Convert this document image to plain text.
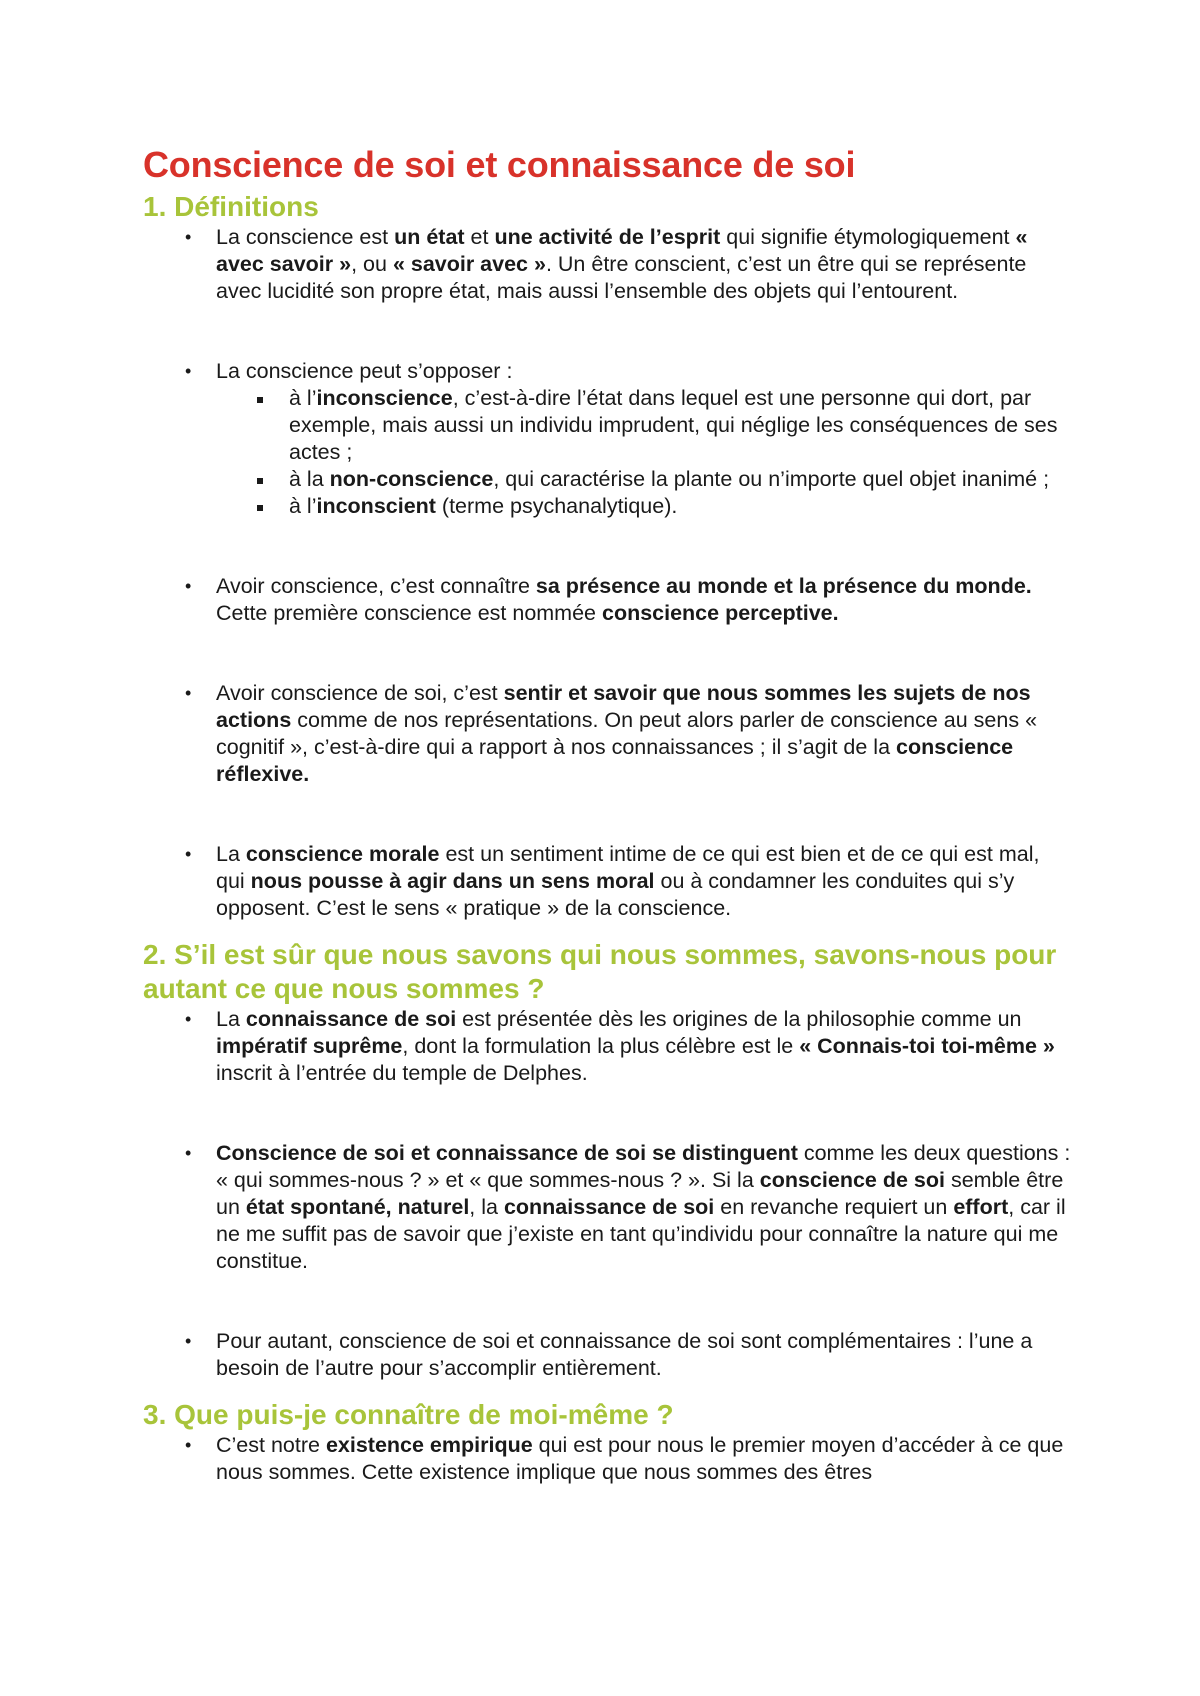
Conscience de soi et connaissance de soi
1. Définitions
• La conscience est un état et une activité de l’esprit qui signifie étymologiquement « avec savoir », ou « savoir avec ». Un être conscient, c’est un être qui se représente avec lucidité son propre état, mais aussi l’ensemble des objets qui l’entourent.
• La conscience peut s’opposer :
à l’inconscience, c’est-à-dire l’état dans lequel est une personne qui dort, par exemple, mais aussi un individu imprudent, qui néglige les conséquences de ses actes ;
à la non-conscience, qui caractérise la plante ou n’importe quel objet inanimé ;
à l’inconscient (terme psychanalytique).
• Avoir conscience, c’est connaître sa présence au monde et la présence du monde. Cette première conscience est nommée conscience perceptive.
• Avoir conscience de soi, c’est sentir et savoir que nous sommes les sujets de nos actions comme de nos représentations. On peut alors parler de conscience au sens « cognitif », c’est-à-dire qui a rapport à nos connaissances ; il s’agit de la conscience réflexive.
• La conscience morale est un sentiment intime de ce qui est bien et de ce qui est mal, qui nous pousse à agir dans un sens moral ou à condamner les conduites qui s’y opposent. C’est le sens « pratique » de la conscience.
2. S’il est sûr que nous savons qui nous sommes, savons-nous pour autant ce que nous sommes ?
• La connaissance de soi est présentée dès les origines de la philosophie comme un impératif suprême, dont la formulation la plus célèbre est le « Connais-toi toi-même » inscrit à l’entrée du temple de Delphes.
• Conscience de soi et connaissance de soi se distinguent comme les deux questions : « qui sommes-nous ? » et « que sommes-nous ? ». Si la conscience de soi semble être un état spontané, naturel, la connaissance de soi en revanche requiert un effort, car il ne me suffit pas de savoir que j’existe en tant qu’individu pour connaître la nature qui me constitue.
• Pour autant, conscience de soi et connaissance de soi sont complémentaires : l’une a besoin de l’autre pour s’accomplir entièrement.
3. Que puis-je connaître de moi-même ?
• C’est notre existence empirique qui est pour nous le premier moyen d’accéder à ce que nous sommes. Cette existence implique que nous sommes des êtres
